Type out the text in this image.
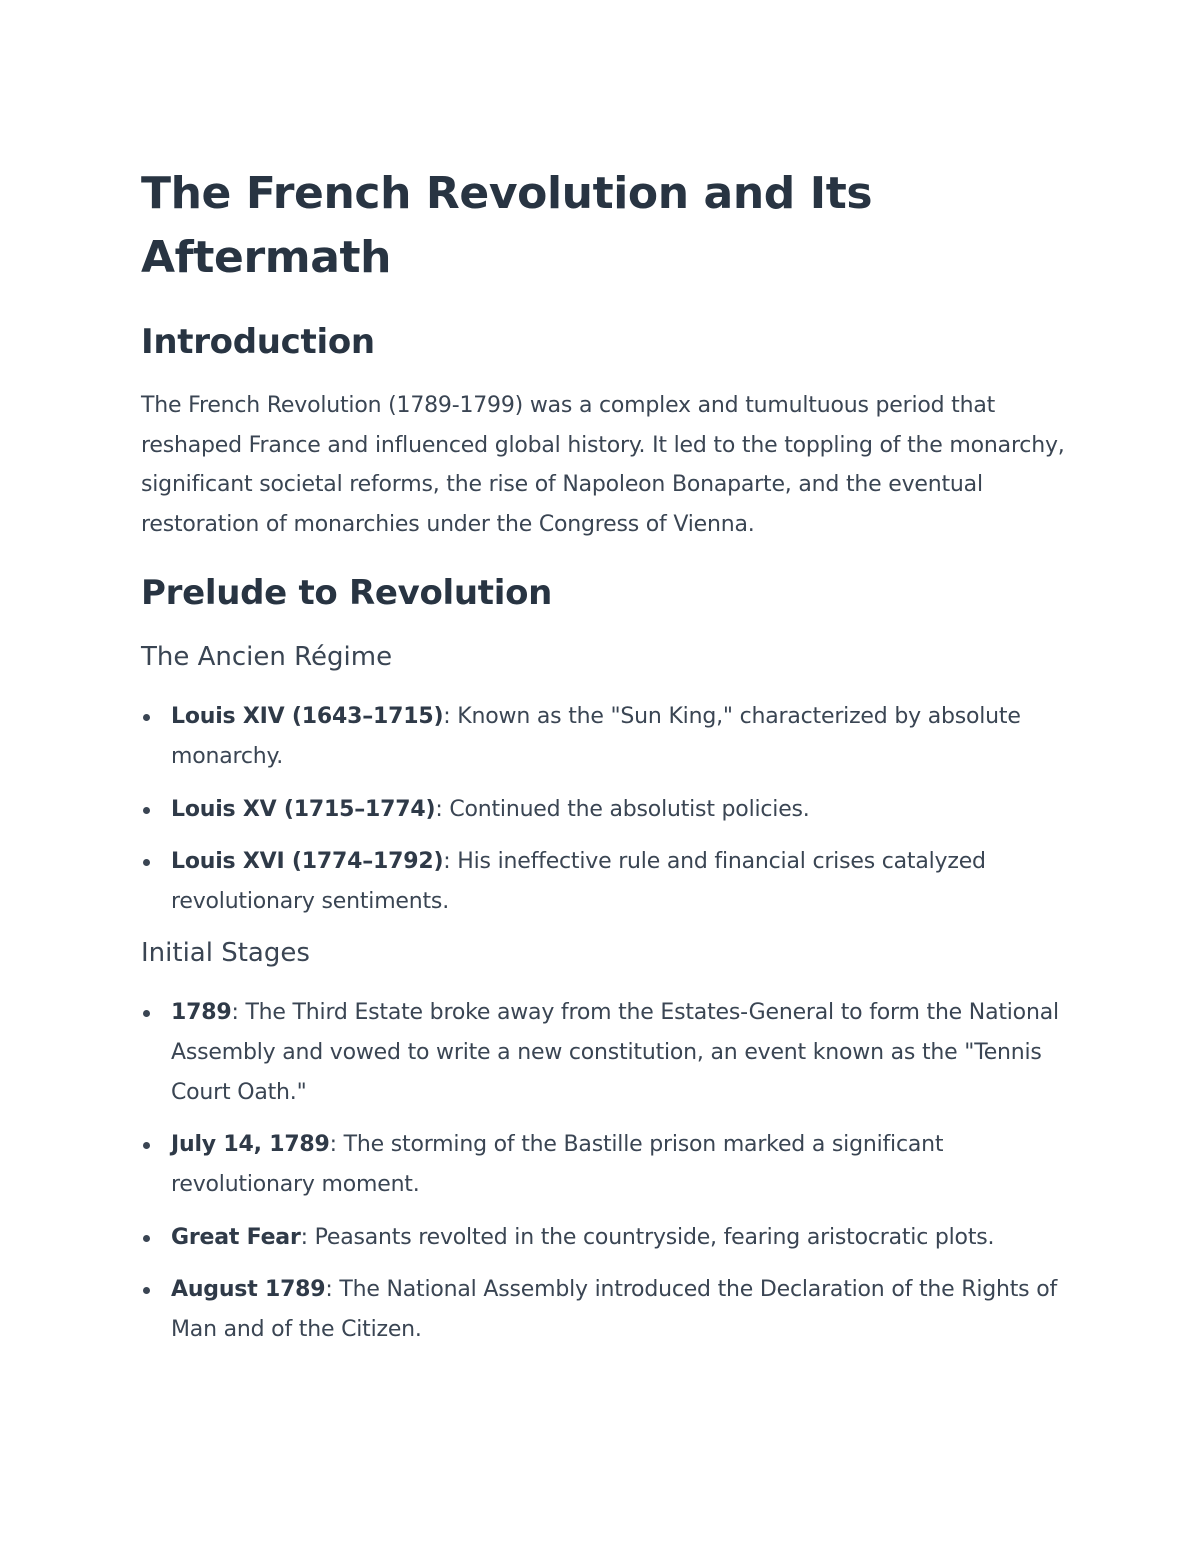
The French Revolution and Its Aftermath
Introduction

The French Revolution (1789-1799) was a complex and tumultuous period that reshaped France and influenced global history. It led to the toppling of the monarchy, significant societal reforms, the rise of Napoleon Bonaparte, and the eventual restoration of monarchies under the Congress of Vienna.

Prelude to Revolution
The Ancien Régime
Louis XIV (1643–1715): Known as the "Sun King," characterized by absolute monarchy.
Louis XV (1715–1774): Continued the absolutist policies.
Louis XVI (1774–1792): His ineffective rule and financial crises catalyzed revolutionary sentiments.
Initial Stages
1789: The Third Estate broke away from the Estates-General to form the National Assembly and vowed to write a new constitution, an event known as the "Tennis Court Oath."
July 14, 1789: The storming of the Bastille prison marked a significant revolutionary moment.
Great Fear: Peasants revolted in the countryside, fearing aristocratic plots.
August 1789: The National Assembly introduced the Declaration of the Rights of Man and of the Citizen.
